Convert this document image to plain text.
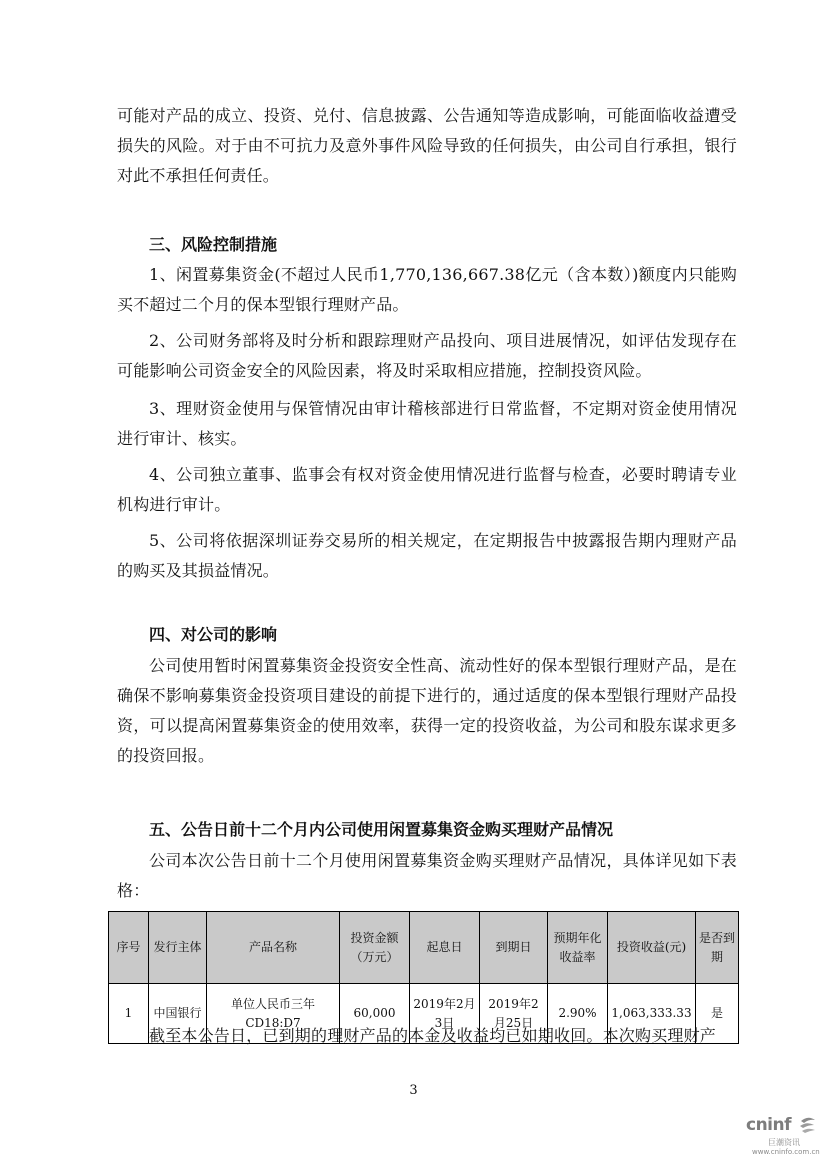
可能对产品的成立、投资、兑付、信息披露、公告通知等造成影响，可能面临收益遭受损失的风险。对于由不可抗力及意外事件风险导致的任何损失，由公司自行承担，银行对此不承担任何责任。

三、风险控制措施

1、闲置募集资金(不超过人民币1,770,136,667.38亿元（含本数）)额度内只能购买不超过二个月的保本型银行理财产品。

2、公司财务部将及时分析和跟踪理财产品投向、项目进展情况，如评估发现存在可能影响公司资金安全的风险因素，将及时采取相应措施，控制投资风险。

3、理财资金使用与保管情况由审计稽核部进行日常监督，不定期对资金使用情况进行审计、核实。

4、公司独立董事、监事会有权对资金使用情况进行监督与检查，必要时聘请专业机构进行审计。

5、公司将依据深圳证券交易所的相关规定，在定期报告中披露报告期内理财产品的购买及其损益情况。

四、对公司的影响

公司使用暂时闲置募集资金投资安全性高、流动性好的保本型银行理财产品，是在确保不影响募集资金投资项目建设的前提下进行的，通过适度的保本型银行理财产品投资，可以提高闲置募集资金的使用效率，获得一定的投资收益，为公司和股东谋求更多的投资回报。

五、公告日前十二个月内公司使用闲置募集资金购买理财产品情况

公司本次公告日前十二个月使用闲置募集资金购买理财产品情况，具体详见如下表格：

序号	发行主体	产品名称	投资金额（万元）	起息日	到期日	预期年化收益率	投资收益(元)	是否到期
1	中国银行	单位人民币三年CD18:D7	60,000	2019年2月3日	2019年2月25日	2.90%	1,063,333.33	是

截至本公告日，已到期的理财产品的本金及收益均已如期收回。本次购买理财产

3
cninf
巨潮资讯
www.cninfo.com.cn
